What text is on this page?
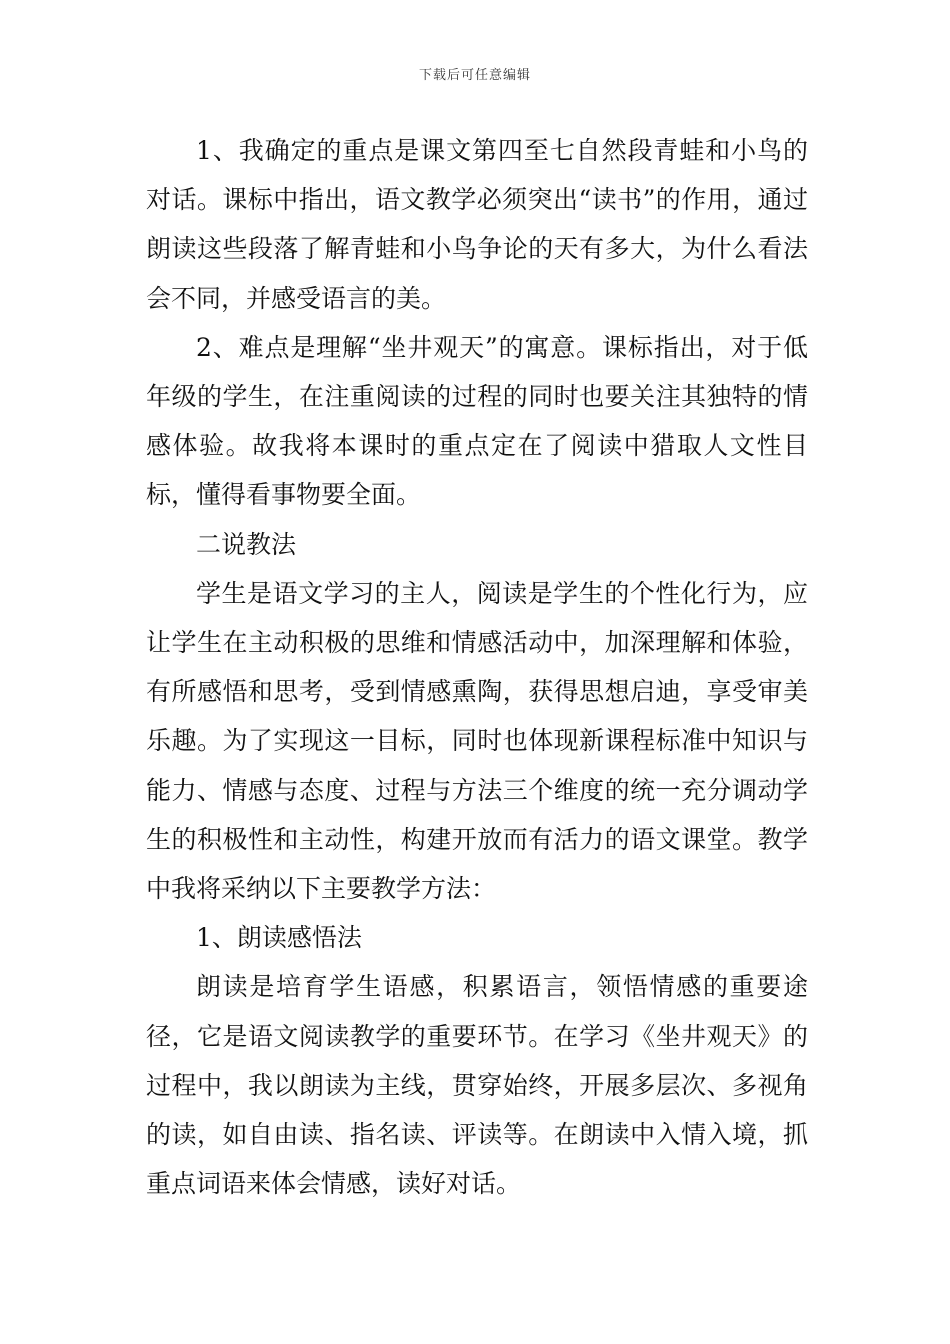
下载后可任意编辑

1、我确定的重点是课文第四至七自然段青蛙和小鸟的对话。课标中指出，语文教学必须突出“读书”的作用，通过朗读这些段落了解青蛙和小鸟争论的天有多大，为什么看法会不同，并感受语言的美。

2、难点是理解“坐井观天”的寓意。课标指出，对于低年级的学生，在注重阅读的过程的同时也要关注其独特的情感体验。故我将本课时的重点定在了阅读中猎取人文性目标，懂得看事物要全面。

二说教法

学生是语文学习的主人，阅读是学生的个性化行为，应让学生在主动积极的思维和情感活动中，加深理解和体验，有所感悟和思考，受到情感熏陶，获得思想启迪，享受审美乐趣。为了实现这一目标，同时也体现新课程标准中知识与能力、情感与态度、过程与方法三个维度的统一充分调动学生的积极性和主动性，构建开放而有活力的语文课堂。教学中我将采纳以下主要教学方法：

1、朗读感悟法

朗读是培育学生语感，积累语言，领悟情感的重要途径，它是语文阅读教学的重要环节。在学习《坐井观天》的过程中，我以朗读为主线，贯穿始终，开展多层次、多视角的读，如自由读、指名读、评读等。在朗读中入情入境，抓重点词语来体会情感，读好对话。
